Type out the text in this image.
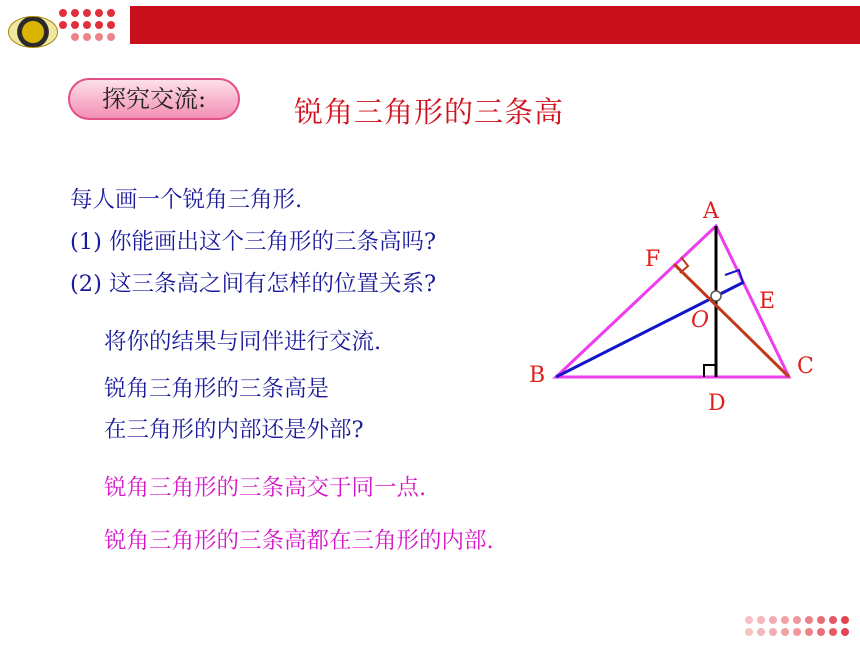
探究交流:	锐角三角形的三条高
每人画一个锐角三角形.
(1) 你能画出这个三角形的三条高吗?
(2) 这三条高之间有怎样的位置关系?
将你的结果与同伴进行交流.
锐角三角形的三条高是
在三角形的内部还是外部?
锐角三角形的三条高交于同一点.
锐角三角形的三条高都在三角形的内部.
A
B	C
D
E
F
O
